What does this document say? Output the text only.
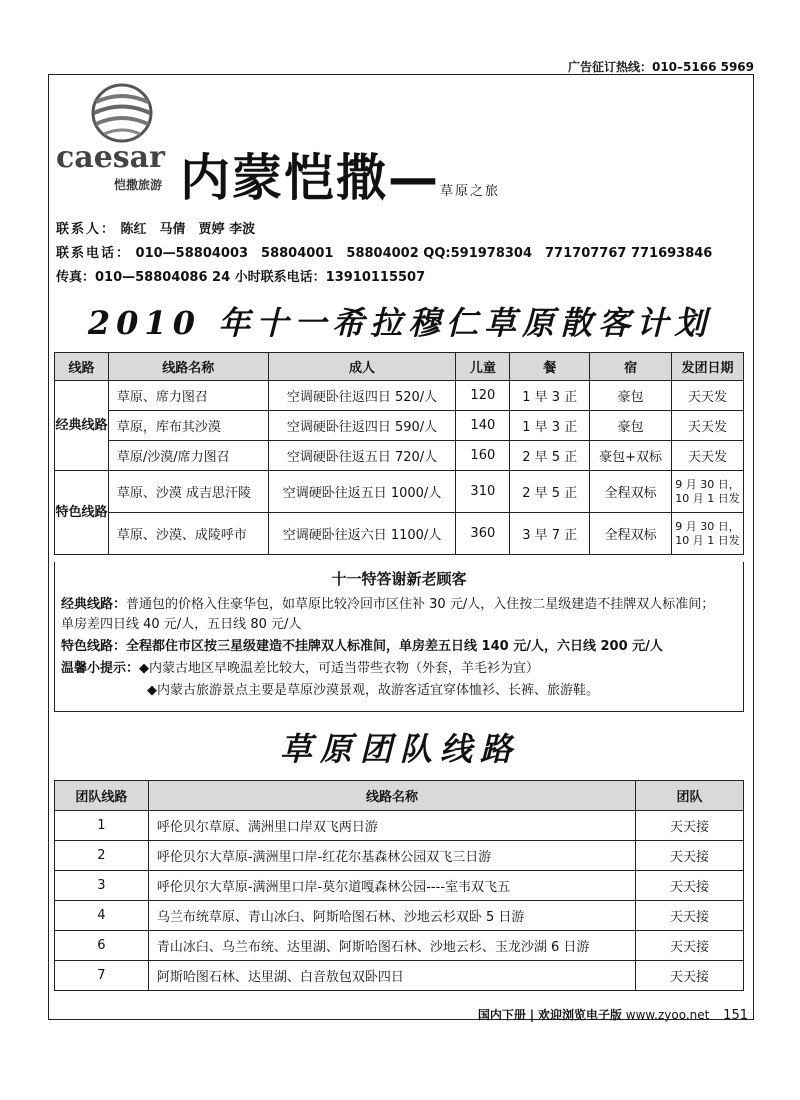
广告征订热线：010–5166 5969
caesar
恺撒旅游 内蒙恺撒—草原之旅
联系人： 陈红　马倩　贾婷 李波
联系电话： 010—58804003　58804001　58804002 QQ:591978304　771707767 771693846
传真：010—58804086 24 小时联系电话：13910115507
2010 年十一希拉穆仁草原散客计划
线路	线路名称	成人	儿童	餐	宿	发团日期
经典线路	草原、席力图召	空调硬卧往返四日 520/人	120	1 早 3 正	豪包	天天发
	草原，库布其沙漠	空调硬卧往返四日 590/人	140	1 早 3 正	豪包	天天发
	草原/沙漠/席力图召	空调硬卧往返五日 720/人	160	2 早 5 正	豪包+双标	天天发
特色线路	草原、沙漠 成吉思汗陵	空调硬卧往返五日 1000/人	310	2 早 5 正	全程双标	9 月 30 日，10 月 1 日发
	草原、沙漠、成陵呼市	空调硬卧往返六日 1100/人	360	3 早 7 正	全程双标	9 月 30 日，10 月 1 日发
十一特答谢新老顾客
经典线路：普通包的价格入住豪华包，如草原比较冷回市区住补 30 元/人，入住按二星级建造不挂牌双人标准间；
单房差四日线 40 元/人，五日线 80 元/人
特色线路：全程都住市区按三星级建造不挂牌双人标准间，单房差五日线 140 元/人，六日线 200 元/人
温馨小提示：◆内蒙古地区早晚温差比较大，可适当带些衣物（外套，羊毛衫为宜）
◆内蒙古旅游景点主要是草原沙漠景观，故游客适宜穿体恤衫、长裤、旅游鞋。
草原团队线路
团队线路	线路名称	团队
1	呼伦贝尔草原、满洲里口岸双飞两日游	天天接
2	呼伦贝尔大草原-满洲里口岸-红花尔基森林公园双飞三日游	天天接
3	呼伦贝尔大草原-满洲里口岸-莫尔道嘎森林公园----室韦双飞五	天天接
4	乌兰布统草原、青山冰臼、阿斯哈图石林、沙地云杉双卧 5 日游	天天接
6	青山冰臼、乌兰布统、达里湖、阿斯哈图石林、沙地云杉、玉龙沙湖 6 日游	天天接
7	阿斯哈图石林、达里湖、白音敖包双卧四日	天天接
国内下册 | 欢迎浏览电子版 www.zyoo.net 151
